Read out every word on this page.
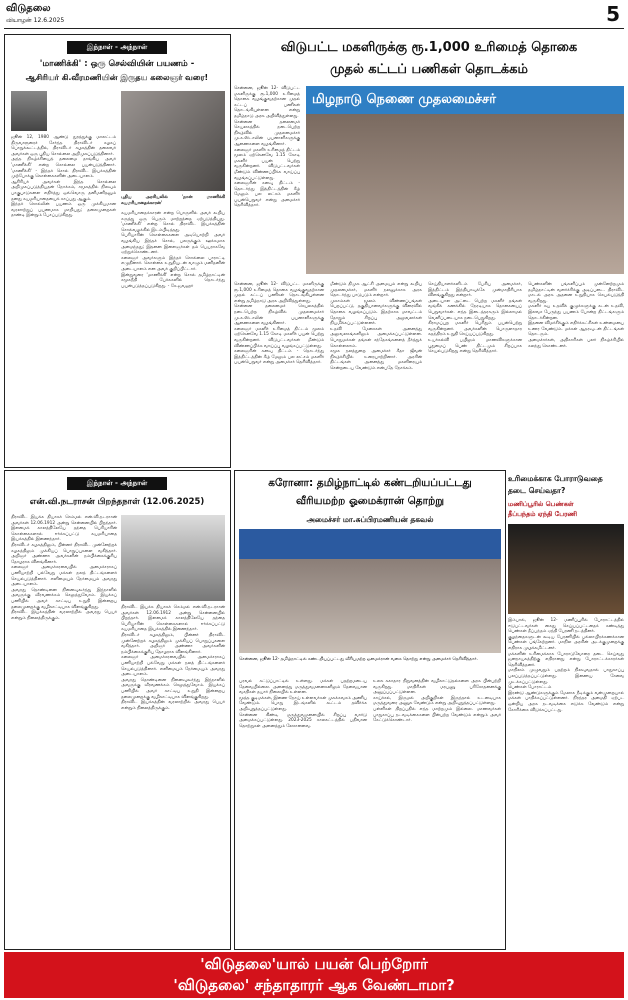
விடுதலை
வியாழன் 12.6.2025	5
இந்நாள் - அந்நாள்
'மாணிக்கி' : ஒரு செல்வியின் பயணம் -
ஆசிரியர் கி.வீரமணியின் இருதய கலைஞர் வரை!
ஜூன் 12, 1980 ஆண்டு துரத்துக்கு மாலட்டம் திருவாரூரைச் சேர்ந்த திராவிடர் கழகப் பொறுக்கூட்டத்தில், திராவிடர் கழகத்தின் தலைவர் அவர்கள் ஒரு புதிய சொல்லை அறிமுகப்படுத்தினார்.
அந்த நிகழ்ச்சியைத் தலைமை தாங்கிய அவர் 'மாணிக்கி' என்ற சொல்லை பயன்படுத்தினார். 'மாணிக்கி' - இந்தச் சொல் திராவிட இயக்கத்தின் முற்போக்கு கொள்கைகளின் அடையாளம்.
ஆசிரியர் அவர்கள் இந்த சொல்லை அறிமுகப்படுத்தியதன் நோக்கம், சமூகத்தில் நிலவும் பாகுபாடுகளை எதிர்த்து ஒவ்வொரு தனிமனிதனும் தனது சுயமரியாதையைக் காப்பது ஆகும்.
இந்தச் சொல்லின் பயணம் ஒரு முக்கியமான வரலாற்றுப் பயணமாக மாறியது; தலைமுறைகள் தாண்டி இன்றும் பேசப்படுகிறது.
புதிய அரசியலில் 'நான் மாணிக்கி சுயமரியாதைக்காரன்'
சுயமரியாதைக்காரன் என்ற பொருளில் அவர் கூறிய கருத்து ஒரு பெரும் மாற்றத்தை ஏற்படுத்தியது. 'மாணிக்கி' என்ற சொல் திராவிட இயக்கத்தின் சொல்வழக்கில் இடம்பிடித்தது.
பெரியாரின் கொள்கைகளை அடியொற்றி அவர் வழங்கிய இந்தச் சொல், பலருக்கும் ஊக்கமாக அமைந்தது; இதனை இளைஞர்கள் தம் பெயராகவே ஏற்றுக்கொண்டனர்.
கலைஞர் அவர்களும் இந்தச் சொல்லை பாராட்டி எழுதினார். கொள்கை உறுதியுடன் வாழும் மனிதனின் அடையாளம் என அவர் குறிப்பிட்டார்.
இன்றுவரை 'மாணிக்கி' என்ற சொல் தமிழ்நாட்டின் சமூகநீதி பேச்சுகளில் தொடர்ந்து பயன்படுத்தப்படுகிறது. - கே.ஜவஹர்
இந்நாள் - அந்நாள்
என்.வி.நடராசன் பிறந்தநாள் (12.06.2025)
திராவிட இயக்க தியாகச் செம்மல் என்.வி.நடராசன் அவர்கள் 12.06.1912 அன்று சென்னையில் பிறந்தார். இளமைக் காலத்திலேயே தந்தை பெரியாரின் கொள்கைகளால் ஈர்க்கப்பட்டு சுயமரியாதை இயக்கத்தில் இணைந்தார்.
திராவிடர் கழகத்திலும், பின்னர் திராவிட முன்னேற்றக் கழகத்திலும் முக்கியப் பொறுப்புகளை வகித்தார். அறிஞர் அண்ணா அவர்களின் நம்பிக்கைக்குரிய தோழராக விளங்கினார்.
கலைஞர் அமைச்சரவையில் அமைச்சராகப் பணியாற்றி பல்வேறு மக்கள் நலத் திட்டங்களைச் செயல்படுத்தினார். எளிமையும் நேர்மையும் அவரது அடையாளம்.
அவரது தொண்டினை நினைவுகூர்ந்து இந்நாளில் அவருக்கு வீரவணக்கம் செலுத்துவோம். இயக்கப் பணியில் அவர் காட்டிய உறுதி இன்றைய தலைமுறைக்கு வழிகாட்டியாக விளங்குகிறது.
திராவிட இயக்கத்தின் வரலாற்றில் அவரது பெயர் என்றும் நிலைத்திருக்கும்.
திராவிட இயக்க தியாகச் செம்மல் என்.வி.நடராசன் அவர்கள் 12.06.1912 அன்று சென்னையில் பிறந்தார். இளமைக் காலத்திலேயே தந்தை பெரியாரின் கொள்கைகளால் ஈர்க்கப்பட்டு சுயமரியாதை இயக்கத்தில் இணைந்தார்.
திராவிடர் கழகத்திலும், பின்னர் திராவிட முன்னேற்றக் கழகத்திலும் முக்கியப் பொறுப்புகளை வகித்தார். அறிஞர் அண்ணா அவர்களின் நம்பிக்கைக்குரிய தோழராக விளங்கினார்.
கலைஞர் அமைச்சரவையில் அமைச்சராகப் பணியாற்றி பல்வேறு மக்கள் நலத் திட்டங்களைச் செயல்படுத்தினார். எளிமையும் நேர்மையும் அவரது அடையாளம்.
அவரது தொண்டினை நினைவுகூர்ந்து இந்நாளில் அவருக்கு வீரவணக்கம் செலுத்துவோம். இயக்கப் பணியில் அவர் காட்டிய உறுதி இன்றைய தலைமுறைக்கு வழிகாட்டியாக விளங்குகிறது.
திராவிட இயக்கத்தின் வரலாற்றில் அவரது பெயர் என்றும் நிலைத்திருக்கும்.
விடுபட்ட மகளிருக்கு ரூ.1,000 உரிமைத் தொகை
முதல் கட்டப் பணிகள் தொடக்கம்
சென்னை, ஜூன் 12- விடுபட்ட மகளிருக்கு ரூ.1,000 உரிமைத் தொகை வழங்குவதற்கான முதல் கட்டப் பணிகள் தொடங்கியுள்ளன என்று தமிழ்நாடு அரசு அறிவித்துள்ளது.
சென்னை தலைமைச் செயலகத்தில் நடைபெற்ற நிகழ்வில் முதலமைச்சர் மு.க.ஸ்டாலின் பயனாளிகளுக்கு ஆணைகளை வழங்கினார்.
கலைஞர் மகளிர் உரிமைத் திட்டம் மூலம் ஏற்கெனவே 1.15 கோடி மகளிர் பயன் பெற்று வருகின்றனர். விடுபட்டவர்கள் மீண்டும் விண்ணப்பிக்க வாய்ப்பு வழங்கப்பட்டுள்ளது.
கலைஞரின் கனவு திட்டம் - தொடர்ந்து இத்திட்டத்தின் கீழ் மேலும் பல லட்சம் மகளிர் பயன்பெறுவர் என்று அமைச்சர் தெரிவித்தார்.
மிழநாடு நெணை முதலமைச்சர்
சென்னை, ஜூன் 12- விடுபட்ட மகளிருக்கு ரூ.1,000 உரிமைத் தொகை வழங்குவதற்கான முதல் கட்டப் பணிகள் தொடங்கியுள்ளன என்று தமிழ்நாடு அரசு அறிவித்துள்ளது.
சென்னை தலைமைச் செயலகத்தில் நடைபெற்ற நிகழ்வில் முதலமைச்சர் மு.க.ஸ்டாலின் பயனாளிகளுக்கு ஆணைகளை வழங்கினார்.
கலைஞர் மகளிர் உரிமைத் திட்டம் மூலம் ஏற்கெனவே 1.15 கோடி மகளிர் பயன் பெற்று வருகின்றனர். விடுபட்டவர்கள் மீண்டும் விண்ணப்பிக்க வாய்ப்பு வழங்கப்பட்டுள்ளது.
கலைஞரின் கனவு திட்டம் - தொடர்ந்து இத்திட்டத்தின் கீழ் மேலும் பல லட்சம் மகளிர் பயன்பெறுவர் என்று அமைச்சர் தெரிவித்தார்.
மீண்டும் திமுக ஆட்சி அமையும் என்று கூறிய முதலமைச்சர், மகளிர் நலனுக்காக அரசு தொடர்ந்து பாடுபடும் என்றார்.
முகாம்கள் மூலம் விண்ணப்பங்கள் பெறப்பட்டு, தகுதியானவர்களுக்கு விரைவில் தொகை வழங்கப்படும். இதற்காக மாவட்டம் தோறும் சிறப்பு அலுவலர்கள் நியமிக்கப்பட்டுள்ளனர்.
உதவி மேசைகள் அனைத்து அலுவலகங்களிலும் அமைக்கப்பட்டுள்ளன. பொதுமக்கள் தங்கள் சந்தேகங்களைத் தீர்த்துக் கொள்ளலாம்.
சமூக நலத்துறை அமைச்சர் கீதா ஜீவன் நிகழ்ச்சியில் உரையாற்றினார். அரசின் திட்டங்கள் அனைத்து மகளிரையும் சென்றடைய வேண்டும் என்பதே நோக்கம்.
செய்தியாளர்களிடம் பேசிய அமைச்சர், இத்திட்டம் இந்தியாவுக்கே முன்மாதிரியாக விளங்குகிறது என்றார்.
அடையாள அட்டை பெற்ற மகளிர் தங்கள் வங்கிக் கணக்கில் நேரடியாக தொகையைப் பெறுவார்கள். எந்த இடைத்தரகரும் இல்லாமல் வெளிப்படையாக நடைபெறுகிறது.
கிராமப்புற மகளிர் பெரிதும் பயன்பெற்று வருகின்றனர். அவர்களின் பொருளாதார சுதந்திரம் உறுதி செய்யப்படுகிறது.
உயர்கல்வி பயிலும் மாணவிகளுக்கான புதுமைப் பெண் திட்டமும் சிறப்பாக செயல்படுகிறது என்று தெரிவித்தார்.
பெண்களின் பங்களிப்பும் முன்னேற்றமும் தமிழ்நாட்டின் வளர்ச்சிக்கு அடிப்படை. திராவிட மாடல் அரசு அதனை உறுதியாக செயல்படுத்தி வருகிறது.
மகளிர் சுய உதவிக் குழுக்களுக்கு கடன் உதவி, இலவச பேருந்து பயணம் போன்ற திட்டங்களும் தொடர்கின்றன.
இதனை விமர்சிக்கும் எதிர்க்கட்சிகள் உண்மையை உணர வேண்டும். மக்கள் ஆதரவுடன் திட்டங்கள் தொடரும்.
அமைச்சர்கள், அதிகாரிகள் பலர் நிகழ்ச்சியில் கலந்து கொண்டனர்.
கரோனா: தமிழ்நாட்டில் கண்டறியப்பட்டது
வீரியமற்ற ஓமைக்ரான் தொற்று
அமைச்சர் மா.சுப்பிரமணியன் தகவல்
சென்னை, ஜூன் 12- தமிழ்நாட்டில் கண்டறியப்பட்டது வீரியமற்ற ஓமைக்ரான் வகை தொற்று என்று அமைச்சர் தெரிவித்தார்.
பரவல் கட்டுப்பாட்டில் உள்ளது. மக்கள் பதற்றமடைய தேவையில்லை. அனைத்து மருத்துவமனைகளிலும் தேவையான வசதிகள் தயார் நிலையில் உள்ளன.
மூத்த குடிமக்கள், இணை நோய் உள்ளவர்கள் முகக்கவசம் அணிய வேண்டும். பொது இடங்களில் கூட்டம் தவிர்க்க அறிவுறுத்தப்பட்டுள்ளது.
சென்னை கிண்டி மருத்துவமனையில் சிறப்பு வார்டு அமைக்கப்பட்டுள்ளது. 2023-2025 காலகட்டத்தில் பதிவான தொற்றுகள் அனைத்தும் லேசானவை.
உலக சுகாதார நிறுவனத்தின் வழிகாட்டுதல்களை அரசு பின்பற்றி வருகிறது. மாதிரிகள் மரபணு பரிசோதனைக்கு அனுப்பப்பட்டுள்ளன.
காய்ச்சல், இருமல் அறிகுறிகள் இருந்தால் உடனடியாக மருத்துவரை அணுக வேண்டும் என்று அறிவுறுத்தப்பட்டுள்ளது.
பள்ளிகள் திறப்பதில் எந்த மாற்றமும் இல்லை. மாணவர்கள் பாதுகாப்பு நடவடிக்கைகளை பின்பற்ற வேண்டும் என்றும் அவர் கேட்டுக்கொண்டார்.
உரிமைக்காக போராடுவதை
தடை செய்வதா?
மணிப்பூரில் பெண்கள்
தீப்பந்தம் ஏந்தி பேரணி
இம்பால், ஜூன் 12- மணிப்பூரில் போராட்டத்தில் ஈடுபட்டவர்கள் கைது செய்யப்பட்டதைக் கண்டித்து பெண்கள் தீப்பந்தம் ஏந்தி பேரணி நடத்தினர்.
குழந்தைகளுடன் கூடிய பேரணியில் பல்லாயிரக்கணக்கான பெண்கள் பங்கேற்றனர். மாநில அரசின் அடக்குமுறைக்கு எதிராக முழக்கமிட்டனர்.
மக்களின் உரிமைக்காக போராடுவோரை தடை செய்வது ஜனநாயகத்திற்கு எதிரானது என்று போராட்டக்காரர்கள் தெரிவித்தனர்.
மாநிலம் முழுவதும் பதற்றம் நிலவுவதால் பாதுகாப்பு பலப்படுத்தப்பட்டுள்ளது. இணைய சேவை முடக்கப்பட்டுள்ளது.
பெண்கள் போராட்டம்
இரண்டு ஆண்டுகளுக்கும் மேலாக நீடிக்கும் வன்முறையால் மக்கள் பாதிக்கப்பட்டுள்ளனர். நிரந்தர அமைதி ஏற்பட ஒன்றிய அரசு நடவடிக்கை எடுக்க வேண்டும் என்று கோரிக்கை விடுக்கப்பட்டது.
'விடுதலை'யால் பயன் பெற்றோர்
'விடுதலை' சந்தாதாரர் ஆக வேண்டாமா?
